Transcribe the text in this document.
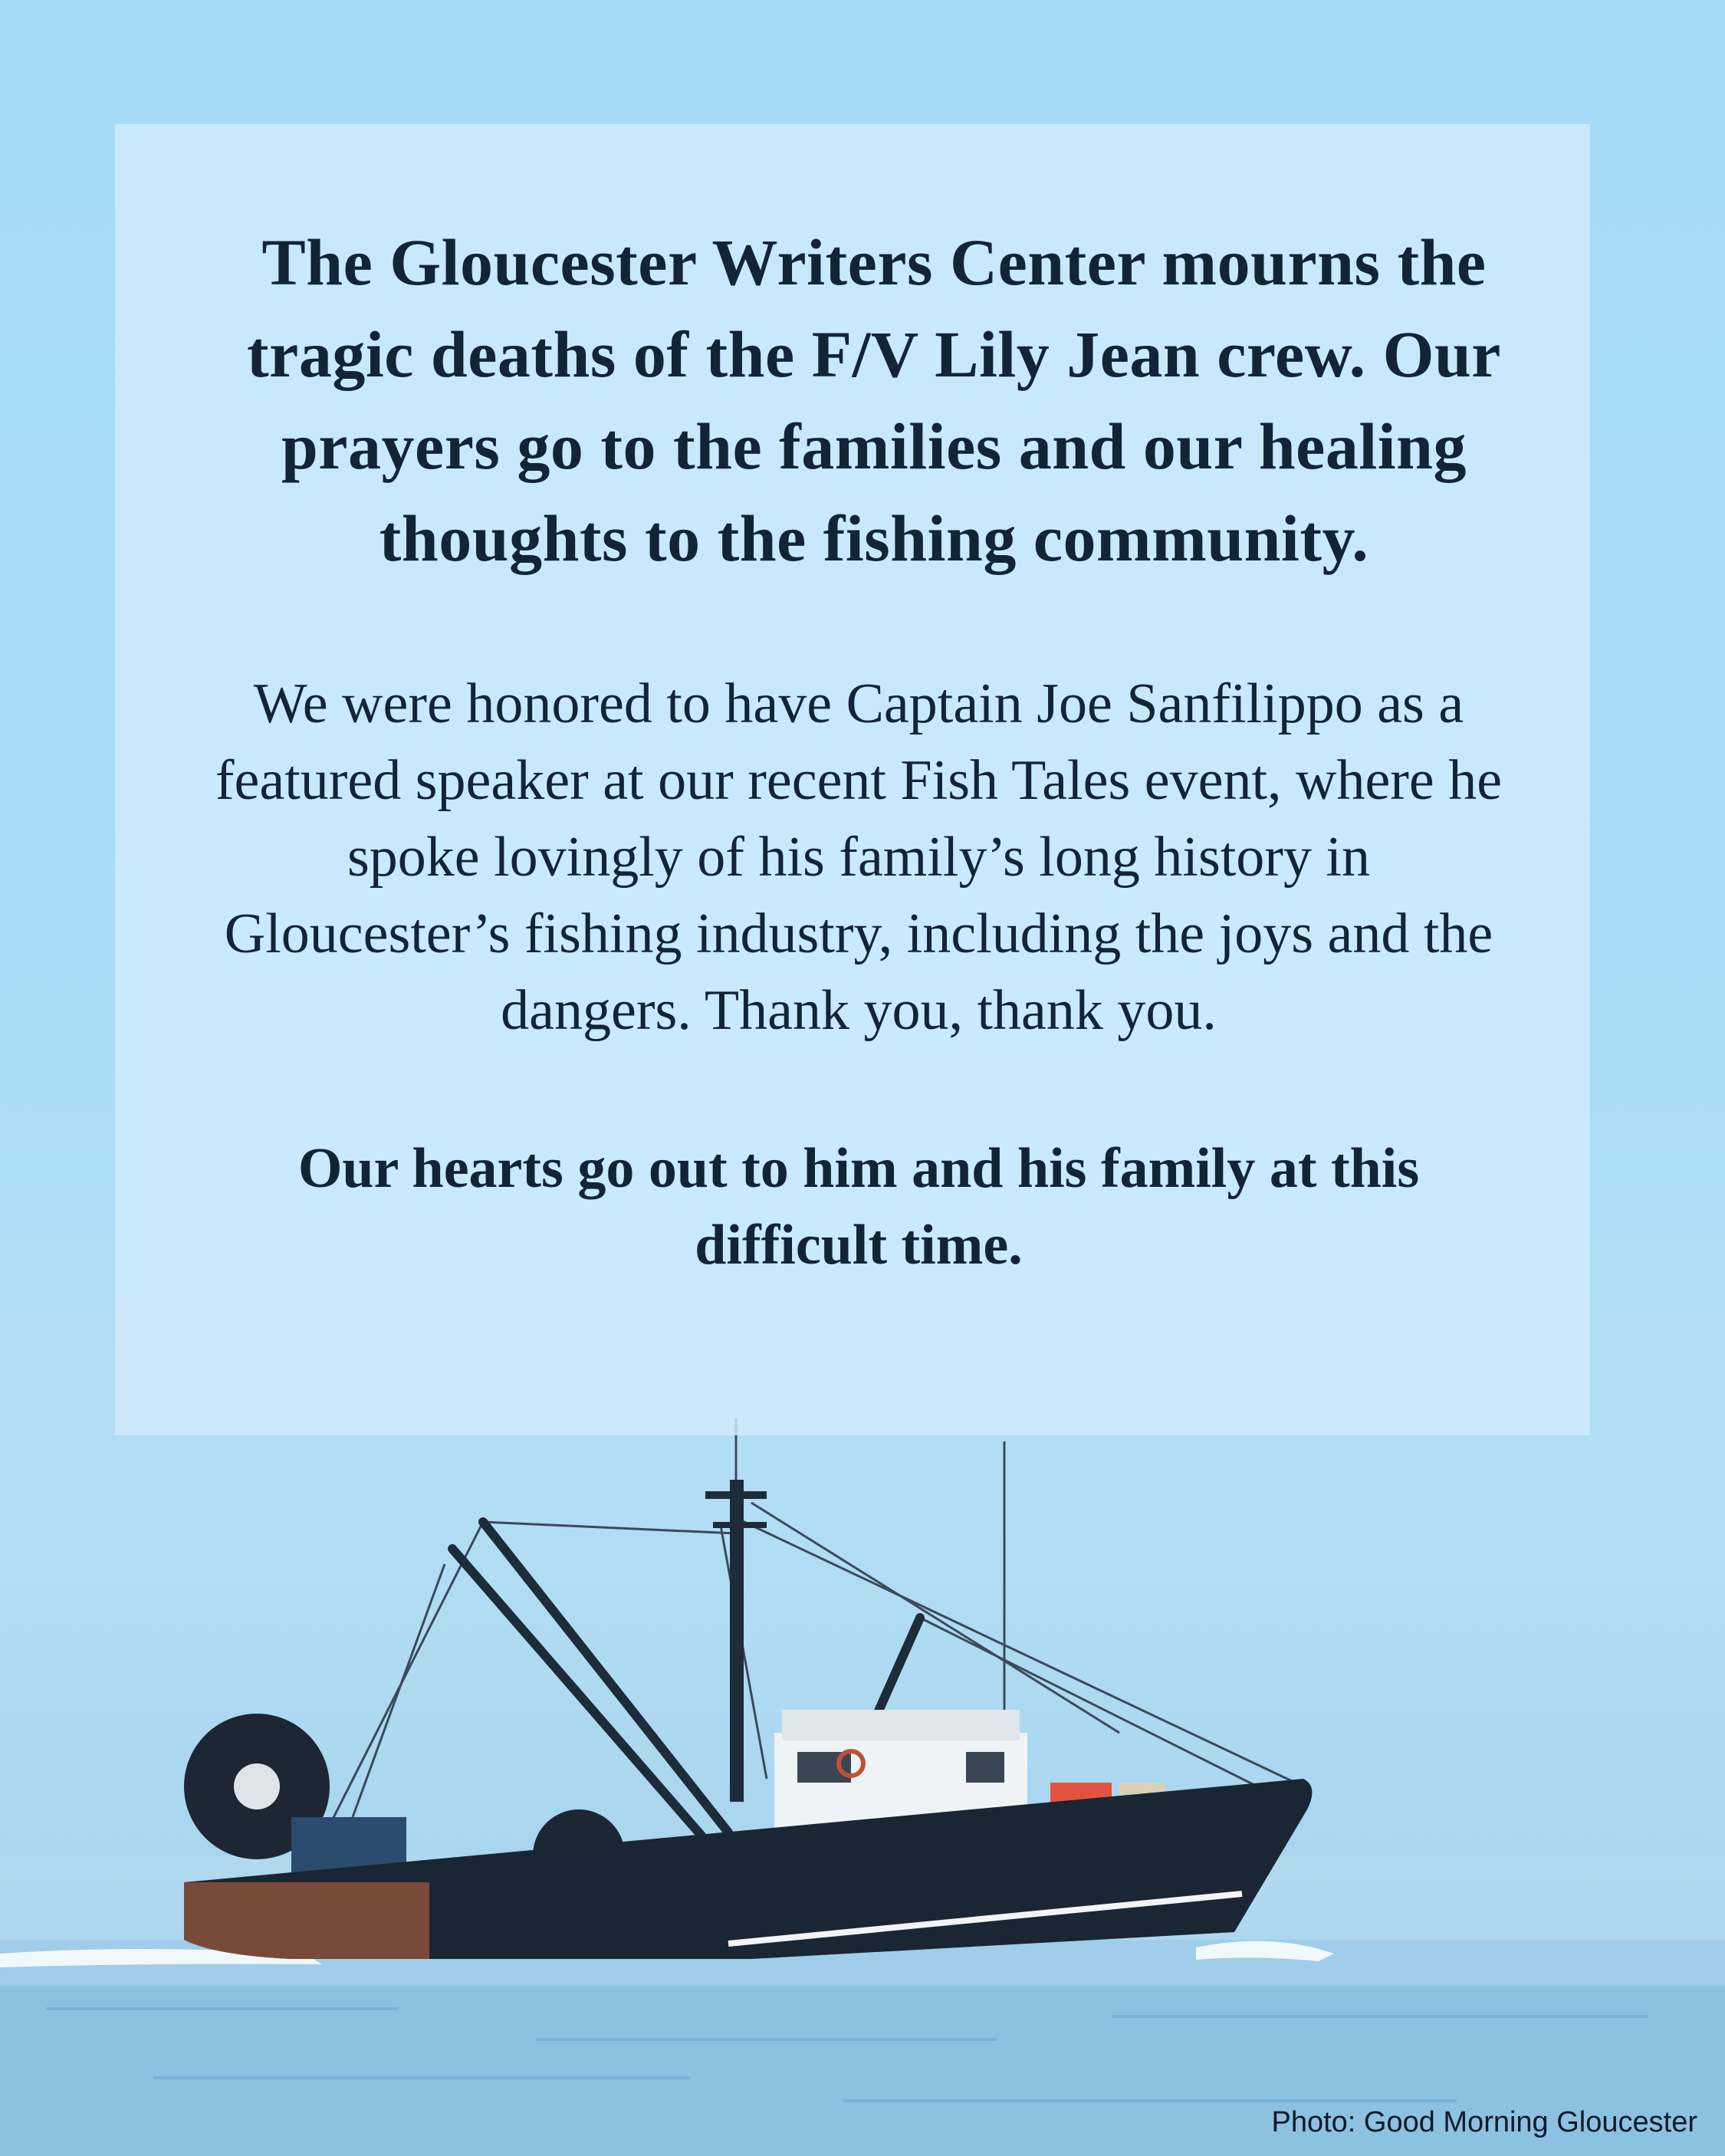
The Gloucester Writers Center mourns the tragic deaths of the F/V Lily Jean crew. Our prayers go to the families and our healing thoughts to the fishing community.
We were honored to have Captain Joe Sanfilippo as a featured speaker at our recent Fish Tales event, where he spoke lovingly of his family’s long history in Gloucester’s fishing industry, including the joys and the dangers. Thank you, thank you.
Our hearts go out to him and his family at this difficult time.
Photo: Good Morning Gloucester
